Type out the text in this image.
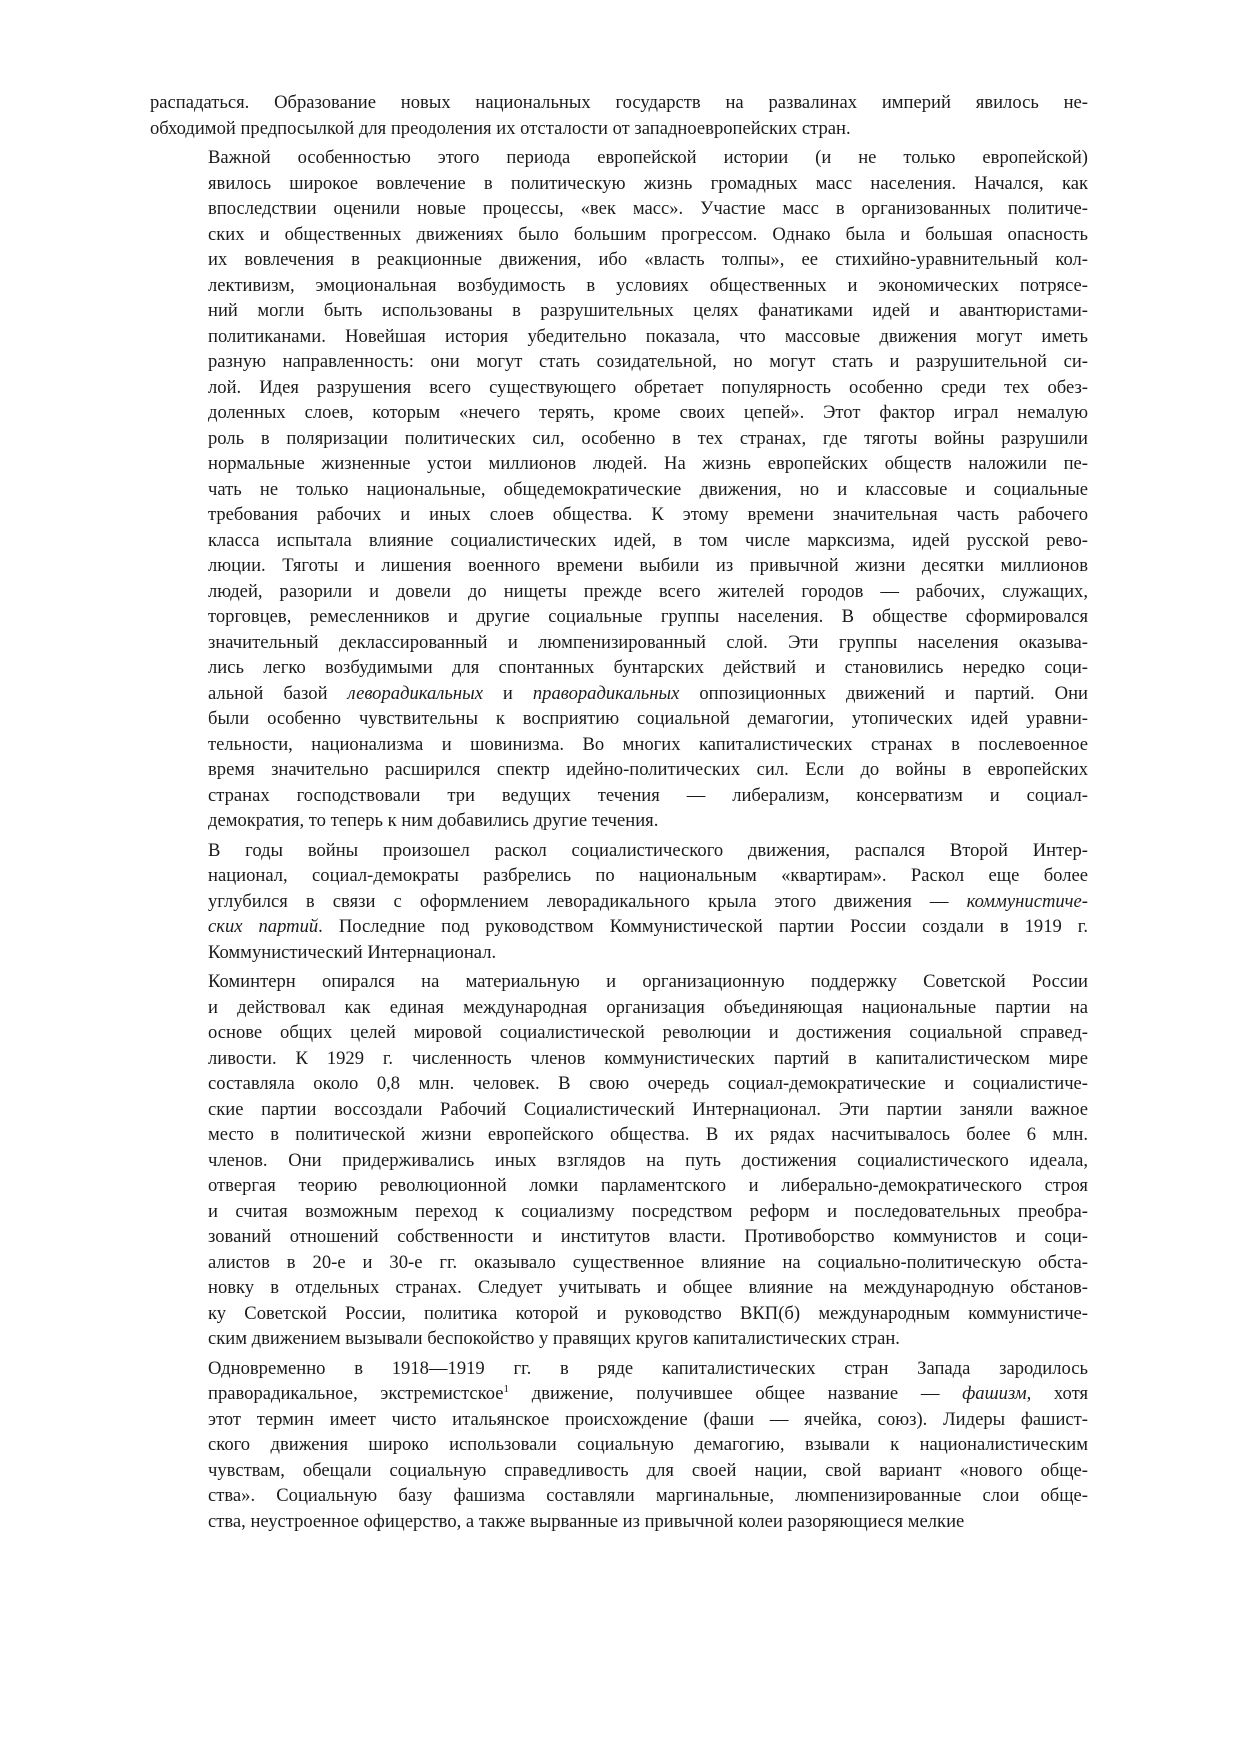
распадаться. Образование новых национальных государств на развалинах империй явилось не-
обходимой предпосылкой для преодоления их отсталости от западноевропейских стран.
Важной особенностью этого периода европейской истории (и не только европейской)
явилось широкое вовлечение в политическую жизнь громадных масс населения. Начался, как
впоследствии оценили новые процессы, «век масс». Участие масс в организованных политиче-
ских и общественных движениях было большим прогрессом. Однако была и большая опасность
их вовлечения в реакционные движения, ибо «власть толпы», ее стихийно-уравнительный кол-
лективизм, эмоциональная возбудимость в условиях общественных и экономических потрясе-
ний могли быть использованы в разрушительных целях фанатиками идей и авантюристами-
политиканами. Новейшая история убедительно показала, что массовые движения могут иметь
разную направленность: они могут стать созидательной, но могут стать и разрушительной си-
лой. Идея разрушения всего существующего обретает популярность особенно среди тех обез-
доленных слоев, которым «нечего терять, кроме своих цепей». Этот фактор играл немалую
роль в поляризации политических сил, особенно в тех странах, где тяготы войны разрушили
нормальные жизненные устои миллионов людей. На жизнь европейских обществ наложили пе-
чать не только национальные, общедемократические движения, но и классовые и социальные
требования рабочих и иных слоев общества. К этому времени значительная часть рабочего
класса испытала влияние социалистических идей, в том числе марксизма, идей русской рево-
люции. Тяготы и лишения военного времени выбили из привычной жизни десятки миллионов
людей, разорили и довели до нищеты прежде всего жителей городов — рабочих, служащих,
торговцев, ремесленников и другие социальные группы населения. В обществе сформировался
значительный деклассированный и люмпенизированный слой. Эти группы населения оказыва-
лись легко возбудимыми для спонтанных бунтарских действий и становились нередко соци-
альной базой леворадикальных и праворадикальных оппозиционных движений и партий. Они
были особенно чувствительны к восприятию социальной демагогии, утопических идей уравни-
тельности, национализма и шовинизма. Во многих капиталистических странах в послевоенное
время значительно расширился спектр идейно-политических сил. Если до войны в европейских
странах господствовали три ведущих течения — либерализм, консерватизм и социал-
демократия, то теперь к ним добавились другие течения.
В годы войны произошел раскол социалистического движения, распался Второй Интер-
национал, социал-демократы разбрелись по национальным «квартирам». Раскол еще более
углубился в связи с оформлением леворадикального крыла этого движения — коммунистиче-
ских партий. Последние под руководством Коммунистической партии России создали в 1919 г.
Коммунистический Интернационал.
Коминтерн опирался на материальную и организационную поддержку Советской России
и действовал как единая международная организация объединяющая национальные партии на
основе общих целей мировой социалистической революции и достижения социальной справед-
ливости. К 1929 г. численность членов коммунистических партий в капиталистическом мире
составляла около 0,8 млн. человек. В свою очередь социал-демократические и социалистиче-
ские партии воссоздали Рабочий Социалистический Интернационал. Эти партии заняли важное
место в политической жизни европейского общества. В их рядах насчитывалось более 6 млн.
членов. Они придерживались иных взглядов на путь достижения социалистического идеала,
отвергая теорию революционной ломки парламентского и либерально-демократического строя
и считая возможным переход к социализму посредством реформ и последовательных преобра-
зований отношений собственности и институтов власти. Противоборство коммунистов и соци-
алистов в 20-е и 30-е гг. оказывало существенное влияние на социально-политическую обста-
новку в отдельных странах. Следует учитывать и общее влияние на международную обстанов-
ку Советской России, политика которой и руководство ВКП(б) международным коммунистиче-
ским движением вызывали беспокойство у правящих кругов капиталистических стран.
Одновременно в 1918—1919 гг. в ряде капиталистических стран Запада зародилось
праворадикальное, экстремистское$^1$ движение, получившее общее название — фашизм, хотя
этот термин имеет чисто итальянское происхождение (фаши — ячейка, союз). Лидеры фашист-
ского движения широко использовали социальную демагогию, взывали к националистическим
чувствам, обещали социальную справедливость для своей нации, свой вариант «нового обще-
ства». Социальную базу фашизма составляли маргинальные, люмпенизированные слои обще-
ства, неустроенное офицерство, а также вырванные из привычной колеи разоряющиеся мелкие
